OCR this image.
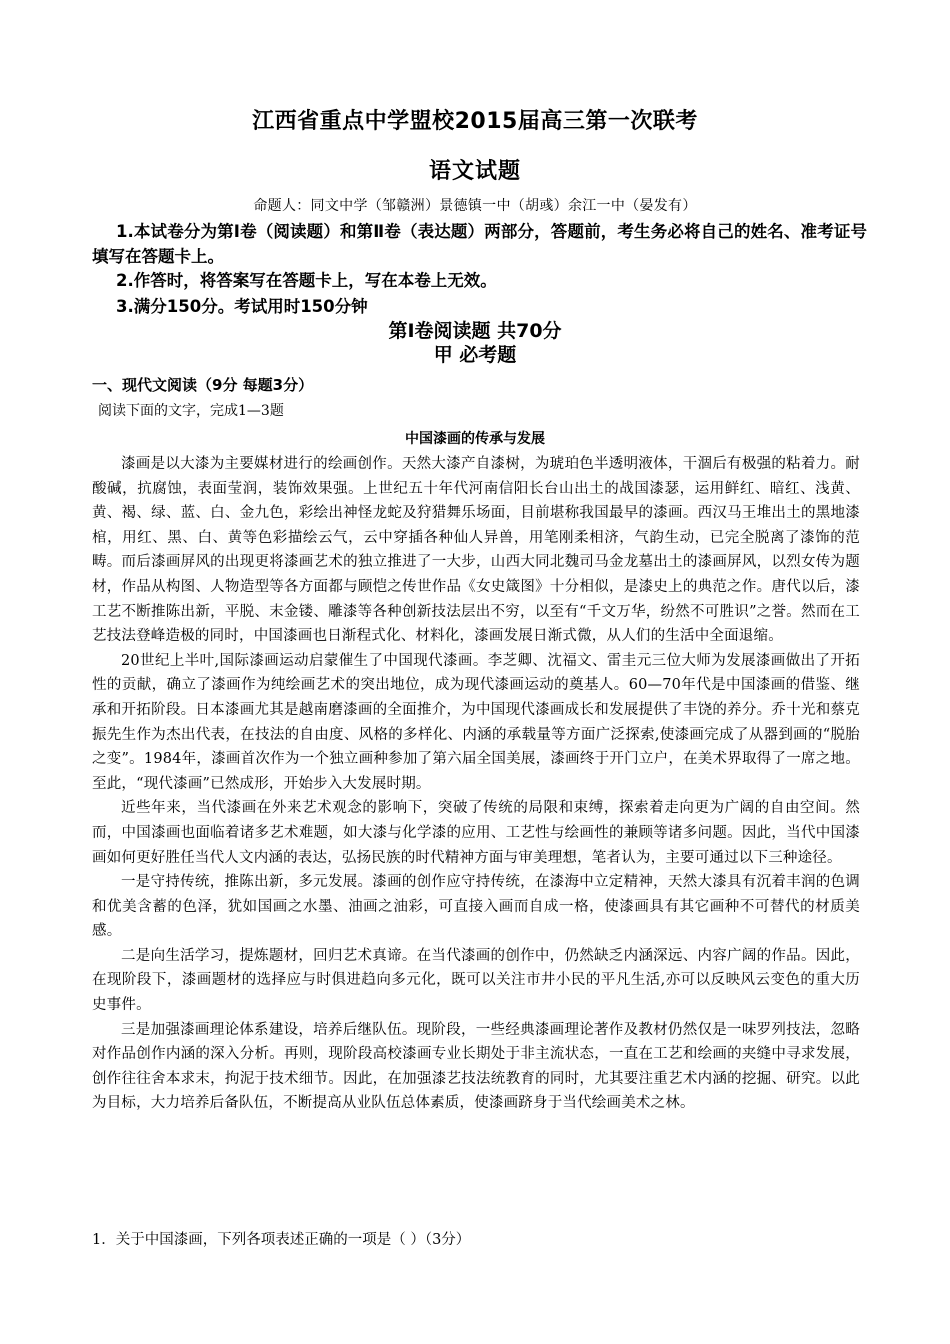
江西省重点中学盟校2015届高三第一次联考
语文试题
命题人：同文中学（邹赣洲）景德镇一中（胡彧）余江一中（晏发有）
1.本试卷分为第Ⅰ卷（阅读题）和第Ⅱ卷（表达题）两部分，答题前，考生务必将自己的姓名、准考证号填写在答题卡上。
2.作答时，将答案写在答题卡上，写在本卷上无效。
3.满分150分。考试用时150分钟
第Ⅰ卷阅读题 共70分
甲 必考题
一、现代文阅读（9分 每题3分）
阅读下面的文字，完成1—3题
中国漆画的传承与发展

漆画是以大漆为主要媒材进行的绘画创作。天然大漆产自漆树，为琥珀色半透明液体，干涸后有极强的粘着力。耐酸碱，抗腐蚀，表面莹润，装饰效果强。上世纪五十年代河南信阳长台山出土的战国漆瑟，运用鲜红、暗红、浅黄、黄、褐、绿、蓝、白、金九色，彩绘出神怪龙蛇及狩猎舞乐场面，目前堪称我国最早的漆画。西汉马王堆出土的黑地漆棺，用红、黑、白、黄等色彩描绘云气，云中穿插各种仙人异兽，用笔刚柔相济，气韵生动，已完全脱离了漆饰的范畴。而后漆画屏风的出现更将漆画艺术的独立推进了一大步，山西大同北魏司马金龙墓出土的漆画屏风，以烈女传为题材，作品从构图、人物造型等各方面都与顾恺之传世作品《女史箴图》十分相似，是漆史上的典范之作。唐代以后，漆工艺不断推陈出新，平脱、末金镂、雕漆等各种创新技法层出不穷，以至有“千文万华，纷然不可胜识”之誉。然而在工艺技法登峰造极的同时，中国漆画也日渐程式化、材料化，漆画发展日渐式微，从人们的生活中全面退缩。

20世纪上半叶,国际漆画运动启蒙催生了中国现代漆画。李芝卿、沈福文、雷圭元三位大师为发展漆画做出了开拓性的贡献，确立了漆画作为纯绘画艺术的突出地位，成为现代漆画运动的奠基人。60—70年代是中国漆画的借鉴、继承和开拓阶段。日本漆画尤其是越南磨漆画的全面推介，为中国现代漆画成长和发展提供了丰饶的养分。乔十光和蔡克振先生作为杰出代表，在技法的自由度、风格的多样化、内涵的承载量等方面广泛探索,使漆画完成了从器到画的“脱胎之变”。1984年，漆画首次作为一个独立画种参加了第六届全国美展，漆画终于开门立户，在美术界取得了一席之地。至此，“现代漆画”已然成形，开始步入大发展时期。

近些年来，当代漆画在外来艺术观念的影响下，突破了传统的局限和束缚，探索着走向更为广阔的自由空间。然而，中国漆画也面临着诸多艺术难题，如大漆与化学漆的应用、工艺性与绘画性的兼顾等诸多问题。因此，当代中国漆画如何更好胜任当代人文内涵的表达，弘扬民族的时代精神方面与审美理想，笔者认为，主要可通过以下三种途径。

一是守持传统，推陈出新，多元发展。漆画的创作应守持传统，在漆海中立定精神，天然大漆具有沉着丰润的色调和优美含蓄的色泽，犹如国画之水墨、油画之油彩，可直接入画而自成一格，使漆画具有其它画种不可替代的材质美感。

二是向生活学习，提炼题材，回归艺术真谛。在当代漆画的创作中，仍然缺乏内涵深远、内容广阔的作品。因此，在现阶段下，漆画题材的选择应与时俱进趋向多元化，既可以关注市井小民的平凡生活,亦可以反映风云变色的重大历史事件。

三是加强漆画理论体系建设，培养后继队伍。现阶段，一些经典漆画理论著作及教材仍然仅是一味罗列技法，忽略对作品创作内涵的深入分析。再则，现阶段高校漆画专业长期处于非主流状态，一直在工艺和绘画的夹缝中寻求发展，创作往往舍本求末，拘泥于技术细节。因此，在加强漆艺技法统教育的同时，尤其要注重艺术内涵的挖掘、研究。以此为目标，大力培养后备队伍，不断提高从业队伍总体素质，使漆画跻身于当代绘画美术之林。

1．关于中国漆画，下列各项表述正确的一项是（ ）（3分）
